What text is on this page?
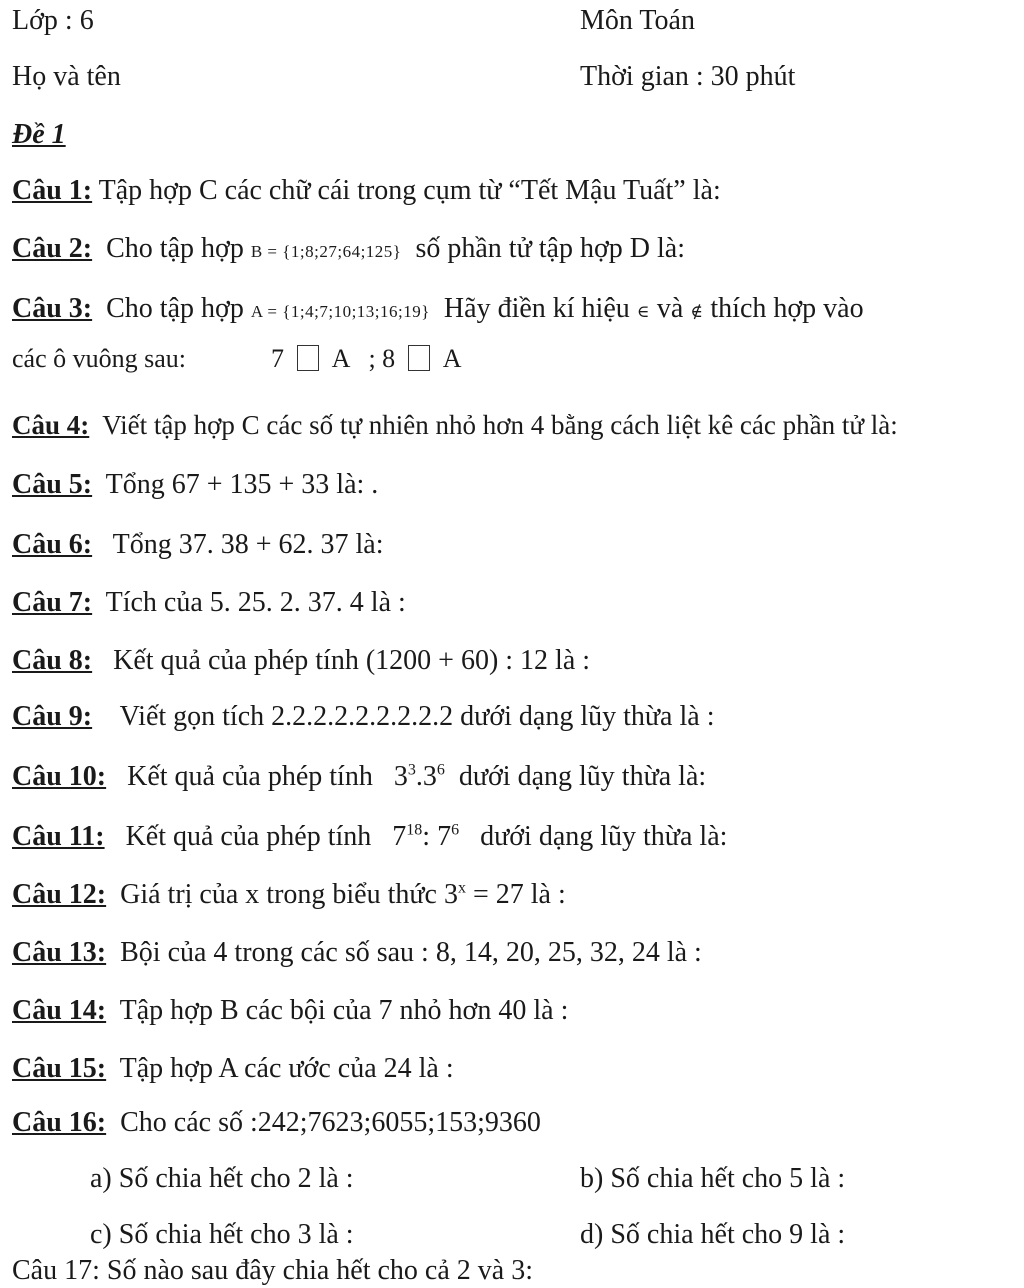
Lớp : 6	Môn Toán
Họ và tên	Thời gian : 30 phút
Đề 1
Câu 1: Tập hợp C các chữ cái trong cụm từ “Tết Mậu Tuất” là:
Câu 2: Cho tập hợp B = {1;8;27;64;125} số phần tử tập hợp D là:
Câu 3: Cho tập hợp A = {1;4;7;10;13;16;19} Hãy điền kí hiệu ∈ và ∉ thích hợp vào
các ô vuông sau:	7 A ; 8 A
Câu 4: Viết tập hợp C các số tự nhiên nhỏ hơn 4 bằng cách liệt kê các phần tử là:
Câu 5: Tổng 67 + 135 + 33 là: .
Câu 6: Tổng 37. 38 + 62. 37 là:
Câu 7: Tích của 5. 25. 2. 37. 4 là :
Câu 8: Kết quả của phép tính (1200 + 60) : 12 là :
Câu 9: Viết gọn tích 2.2.2.2.2.2.2.2.2 dưới dạng lũy thừa là :
Câu 10: Kết quả của phép tính $3^3.3^6$ dưới dạng lũy thừa là:
Câu 11: Kết quả của phép tính $7^{18}$: $7^6$ dưới dạng lũy thừa là:
Câu 12: Giá trị của x trong biểu thức $3^x = 27$ là :
Câu 13: Bội của 4 trong các số sau : 8, 14, 20, 25, 32, 24 là :
Câu 14: Tập hợp B các bội của 7 nhỏ hơn 40 là :
Câu 15: Tập hợp A các ước của 24 là :
Câu 16: Cho các số :242;7623;6055;153;9360
a) Số chia hết cho 2 là :	b) Số chia hết cho 5 là :
c) Số chia hết cho 3 là :	d) Số chia hết cho 9 là :
Câu 17: Số nào sau đây chia hết cho cả 2 và 3:
